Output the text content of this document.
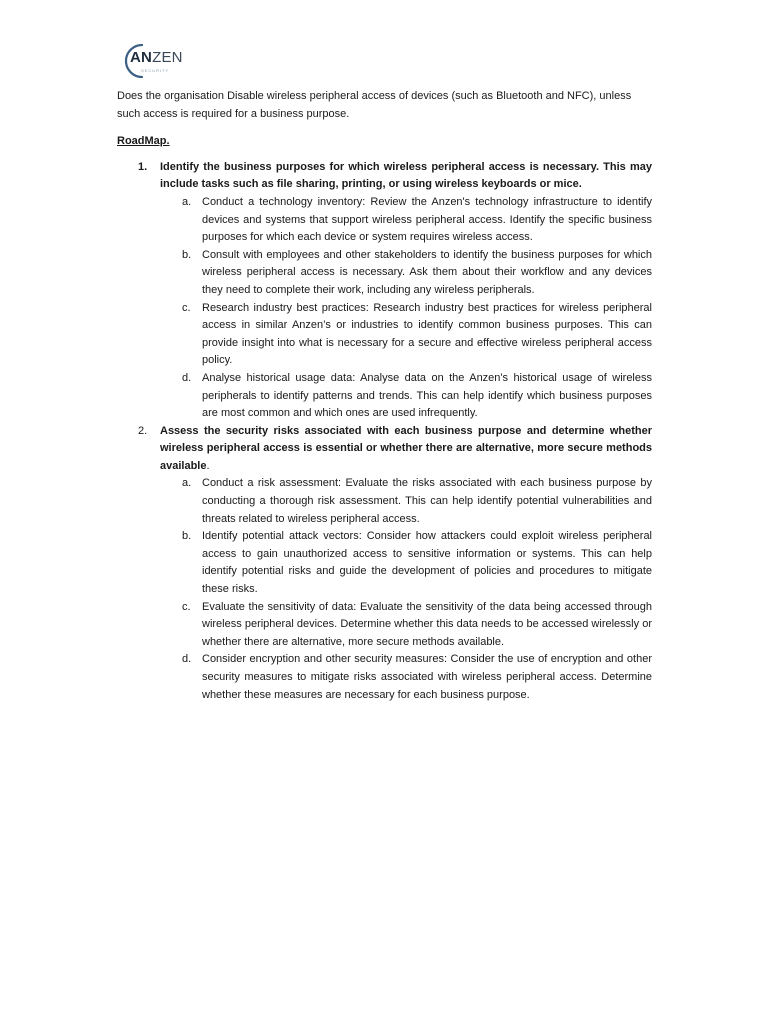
ANZEN
SECURITY

Does the organisation Disable wireless peripheral access of devices (such as Bluetooth and NFC), unless such access is required for a business purpose.

RoadMap.

1. Identify the business purposes for which wireless peripheral access is necessary. This may include tasks such as file sharing, printing, or using wireless keyboards or mice.
a. Conduct a technology inventory: Review the Anzen's technology infrastructure to identify devices and systems that support wireless peripheral access. Identify the specific business purposes for which each device or system requires wireless access.
b. Consult with employees and other stakeholders to identify the business purposes for which wireless peripheral access is necessary. Ask them about their workflow and any devices they need to complete their work, including any wireless peripherals.
c. Research industry best practices: Research industry best practices for wireless peripheral access in similar Anzen’s or industries to identify common business purposes. This can provide insight into what is necessary for a secure and effective wireless peripheral access policy.
d. Analyse historical usage data: Analyse data on the Anzen's historical usage of wireless peripherals to identify patterns and trends. This can help identify which business purposes are most common and which ones are used infrequently.
2. Assess the security risks associated with each business purpose and determine whether wireless peripheral access is essential or whether there are alternative, more secure methods available.
a. Conduct a risk assessment: Evaluate the risks associated with each business purpose by conducting a thorough risk assessment. This can help identify potential vulnerabilities and threats related to wireless peripheral access.
b. Identify potential attack vectors: Consider how attackers could exploit wireless peripheral access to gain unauthorized access to sensitive information or systems. This can help identify potential risks and guide the development of policies and procedures to mitigate these risks.
c. Evaluate the sensitivity of data: Evaluate the sensitivity of the data being accessed through wireless peripheral devices. Determine whether this data needs to be accessed wirelessly or whether there are alternative, more secure methods available.
d. Consider encryption and other security measures: Consider the use of encryption and other security measures to mitigate risks associated with wireless peripheral access. Determine whether these measures are necessary for each business purpose.
